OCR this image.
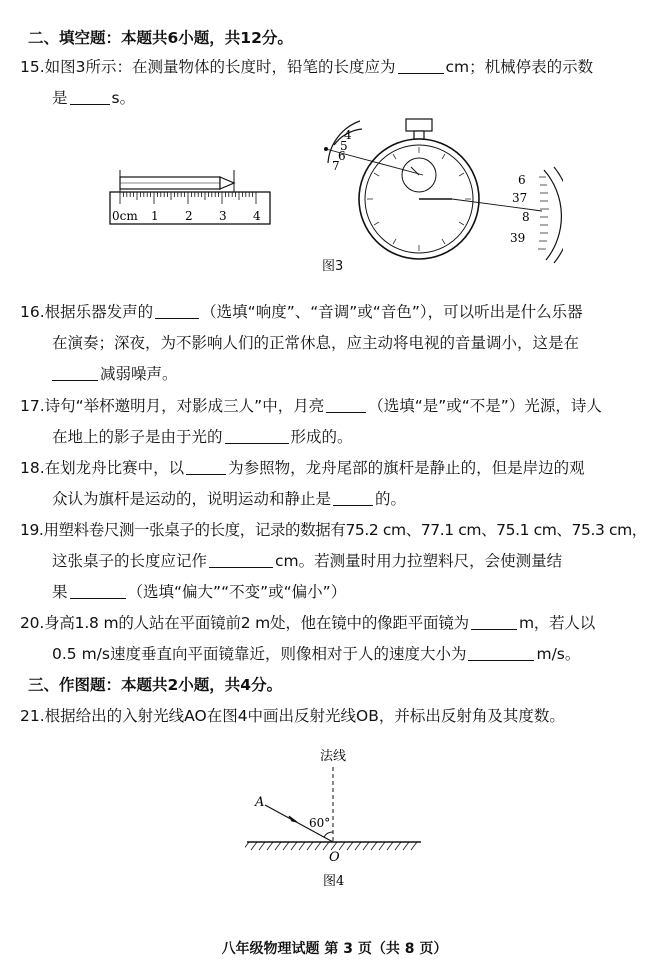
二、填空题：本题共6小题，共12分。
15.如图3所示：在测量物体的长度时，铅笔的长度应为	cm；机械停表的示数
是	s。
0cm 1 2 3 4
4
5
6
7
6
37
8
39
图3
16.根据乐器发声的	（选填“响度”、“音调”或“音色”），可以听出是什么乐器
在演奏；深夜，为不影响人们的正常休息，应主动将电视的音量调小，这是在
减弱噪声。
17.诗句“举杯邀明月，对影成三人”中，月亮	（选填“是”或“不是”）光源，诗人
在地上的影子是由于光的	形成的。
18.在划龙舟比赛中，以	为参照物，龙舟尾部的旗杆是静止的，但是岸边的观
众认为旗杆是运动的，说明运动和静止是	的。
19.用塑料卷尺测一张桌子的长度，记录的数据有75.2 cm、77.1 cm、75.1 cm、75.3 cm，
这张桌子的长度应记作	cm。若测量时用力拉塑料尺，会使测量结
果	（选填“偏大”“不变”或“偏小”）
20.身高1.8 m的人站在平面镜前2 m处，他在镜中的像距平面镜为	m，若人以
0.5 m/s速度垂直向平面镜靠近，则像相对于人的速度大小为	m/s。
三、作图题：本题共2小题，共4分。
21.根据给出的入射光线AO在图4中画出反射光线OB，并标出反射角及其度数。
法线
A
60°
O
图4
八年级物理试题 第 3 页（共 8 页）
